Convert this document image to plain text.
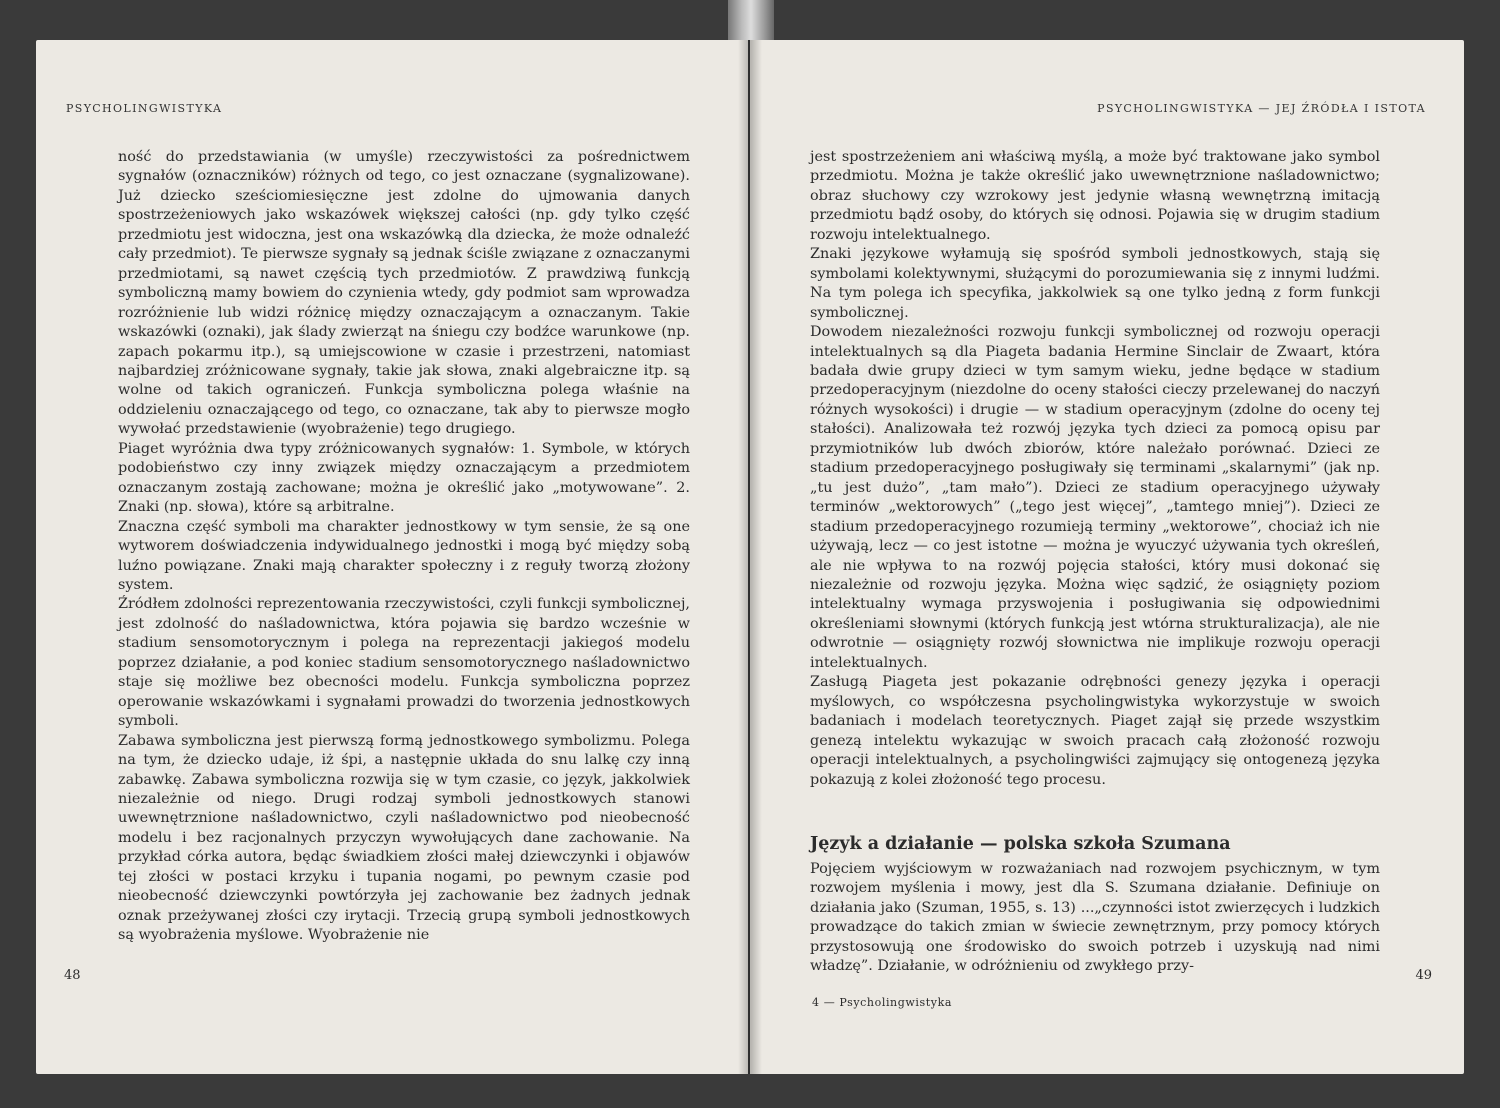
PSYCHOLINGWISTYKA

ność do przedstawiania (w umyśle) rzeczywistości za pośrednictwem sygnałów (oznaczników) różnych od tego, co jest oznaczane (sygnalizowane). Już dziecko sześciomiesięczne jest zdolne do ujmowania danych spostrzeżeniowych jako wskazówek większej całości (np. gdy tylko część przedmiotu jest widoczna, jest ona wskazówką dla dziecka, że może odnaleźć cały przedmiot). Te pierwsze sygnały są jednak ściśle związane z oznaczanymi przedmiotami, są nawet częścią tych przedmiotów. Z prawdziwą funkcją symboliczną mamy bowiem do czynienia wtedy, gdy podmiot sam wprowadza rozróżnienie lub widzi różnicę między oznaczającym a oznaczanym. Takie wskazówki (oznaki), jak ślady zwierząt na śniegu czy bodźce warunkowe (np. zapach pokarmu itp.), są umiejscowione w czasie i przestrzeni, natomiast najbardziej zróżnicowane sygnały, takie jak słowa, znaki algebraiczne itp. są wolne od takich ograniczeń. Funkcja symboliczna polega właśnie na oddzieleniu oznaczającego od tego, co oznaczane, tak aby to pierwsze mogło wywołać przedstawienie (wyobrażenie) tego drugiego.

Piaget wyróżnia dwa typy zróżnicowanych sygnałów: 1. Symbole, w których podobieństwo czy inny związek między oznaczającym a przedmiotem oznaczanym zostają zachowane; można je określić jako „motywowane”. 2. Znaki (np. słowa), które są arbitralne.

Znaczna część symboli ma charakter jednostkowy w tym sensie, że są one wytworem doświadczenia indywidualnego jednostki i mogą być między sobą luźno powiązane. Znaki mają charakter społeczny i z reguły tworzą złożony system.

Źródłem zdolności reprezentowania rzeczywistości, czyli funkcji symbolicznej, jest zdolność do naśladownictwa, która pojawia się bardzo wcześnie w stadium sensomotorycznym i polega na reprezentacji jakiegoś modelu poprzez działanie, a pod koniec stadium sensomotorycznego naśladownictwo staje się możliwe bez obecności modelu. Funkcja symboliczna poprzez operowanie wskazówkami i sygnałami prowadzi do tworzenia jednostkowych symboli.

Zabawa symboliczna jest pierwszą formą jednostkowego symbolizmu. Polega na tym, że dziecko udaje, iż śpi, a następnie układa do snu lalkę czy inną zabawkę. Zabawa symboliczna rozwija się w tym czasie, co język, jakkolwiek niezależnie od niego. Drugi rodzaj symboli jednostkowych stanowi uwewnętrznione naśladownictwo, czyli naśladownictwo pod nieobecność modelu i bez racjonalnych przyczyn wywołujących dane zachowanie. Na przykład córka autora, będąc świadkiem złości małej dziewczynki i objawów tej złości w postaci krzyku i tupania nogami, po pewnym czasie pod nieobecność dziewczynki powtórzyła jej zachowanie bez żadnych jednak oznak przeżywanej złości czy irytacji. Trzecią grupą symboli jednostkowych są wyobrażenia myślowe. Wyobrażenie nie

48
PSYCHOLINGWISTYKA — JEJ ŹRÓDŁA I ISTOTA

jest spostrzeżeniem ani właściwą myślą, a może być traktowane jako symbol przedmiotu. Można je także określić jako uwewnętrznione naśladownictwo; obraz słuchowy czy wzrokowy jest jedynie własną wewnętrzną imitacją przedmiotu bądź osoby, do których się odnosi. Pojawia się w drugim stadium rozwoju intelektualnego.

Znaki językowe wyłamują się spośród symboli jednostkowych, stają się symbolami kolektywnymi, służącymi do porozumiewania się z innymi ludźmi. Na tym polega ich specyfika, jakkolwiek są one tylko jedną z form funkcji symbolicznej.

Dowodem niezależności rozwoju funkcji symbolicznej od rozwoju operacji intelektualnych są dla Piageta badania Hermine Sinclair de Zwaart, która badała dwie grupy dzieci w tym samym wieku, jedne będące w stadium przedoperacyjnym (niezdolne do oceny stałości cieczy przelewanej do naczyń różnych wysokości) i drugie — w stadium operacyjnym (zdolne do oceny tej stałości). Analizowała też rozwój języka tych dzieci za pomocą opisu par przymiotników lub dwóch zbiorów, które należało porównać. Dzieci ze stadium przedoperacyjnego posługiwały się terminami „skalarnymi” (jak np. „tu jest dużo”, „tam mało”). Dzieci ze stadium operacyjnego używały terminów „wektorowych” („tego jest więcej”, „tamtego mniej”). Dzieci ze stadium przedoperacyjnego rozumieją terminy „wektorowe”, chociaż ich nie używają, lecz — co jest istotne — można je wyuczyć używania tych określeń, ale nie wpływa to na rozwój pojęcia stałości, który musi dokonać się niezależnie od rozwoju języka. Można więc sądzić, że osiągnięty poziom intelektualny wymaga przyswojenia i posługiwania się odpowiednimi określeniami słownymi (których funkcją jest wtórna strukturalizacja), ale nie odwrotnie — osiągnięty rozwój słownictwa nie implikuje rozwoju operacji intelektualnych.

Zasługą Piageta jest pokazanie odrębności genezy języka i operacji myślowych, co współczesna psycholingwistyka wykorzystuje w swoich badaniach i modelach teoretycznych. Piaget zajął się przede wszystkim genezą intelektu wykazując w swoich pracach całą złożoność rozwoju operacji intelektualnych, a psycholingwiści zajmujący się ontogenezą języka pokazują z kolei złożoność tego procesu.

Język a działanie — polska szkoła Szumana

Pojęciem wyjściowym w rozważaniach nad rozwojem psychicznym, w tym rozwojem myślenia i mowy, jest dla S. Szumana działanie. Definiuje on działania jako (Szuman, 1955, s. 13) ...„czynności istot zwierzęcych i ludzkich prowadzące do takich zmian w świecie zewnętrznym, przy pomocy których przystosowują one środowisko do swoich potrzeb i uzyskują nad nimi władzę”. Działanie, w odróżnieniu od zwykłego przy-

4 — Psycholingwistyka
49
